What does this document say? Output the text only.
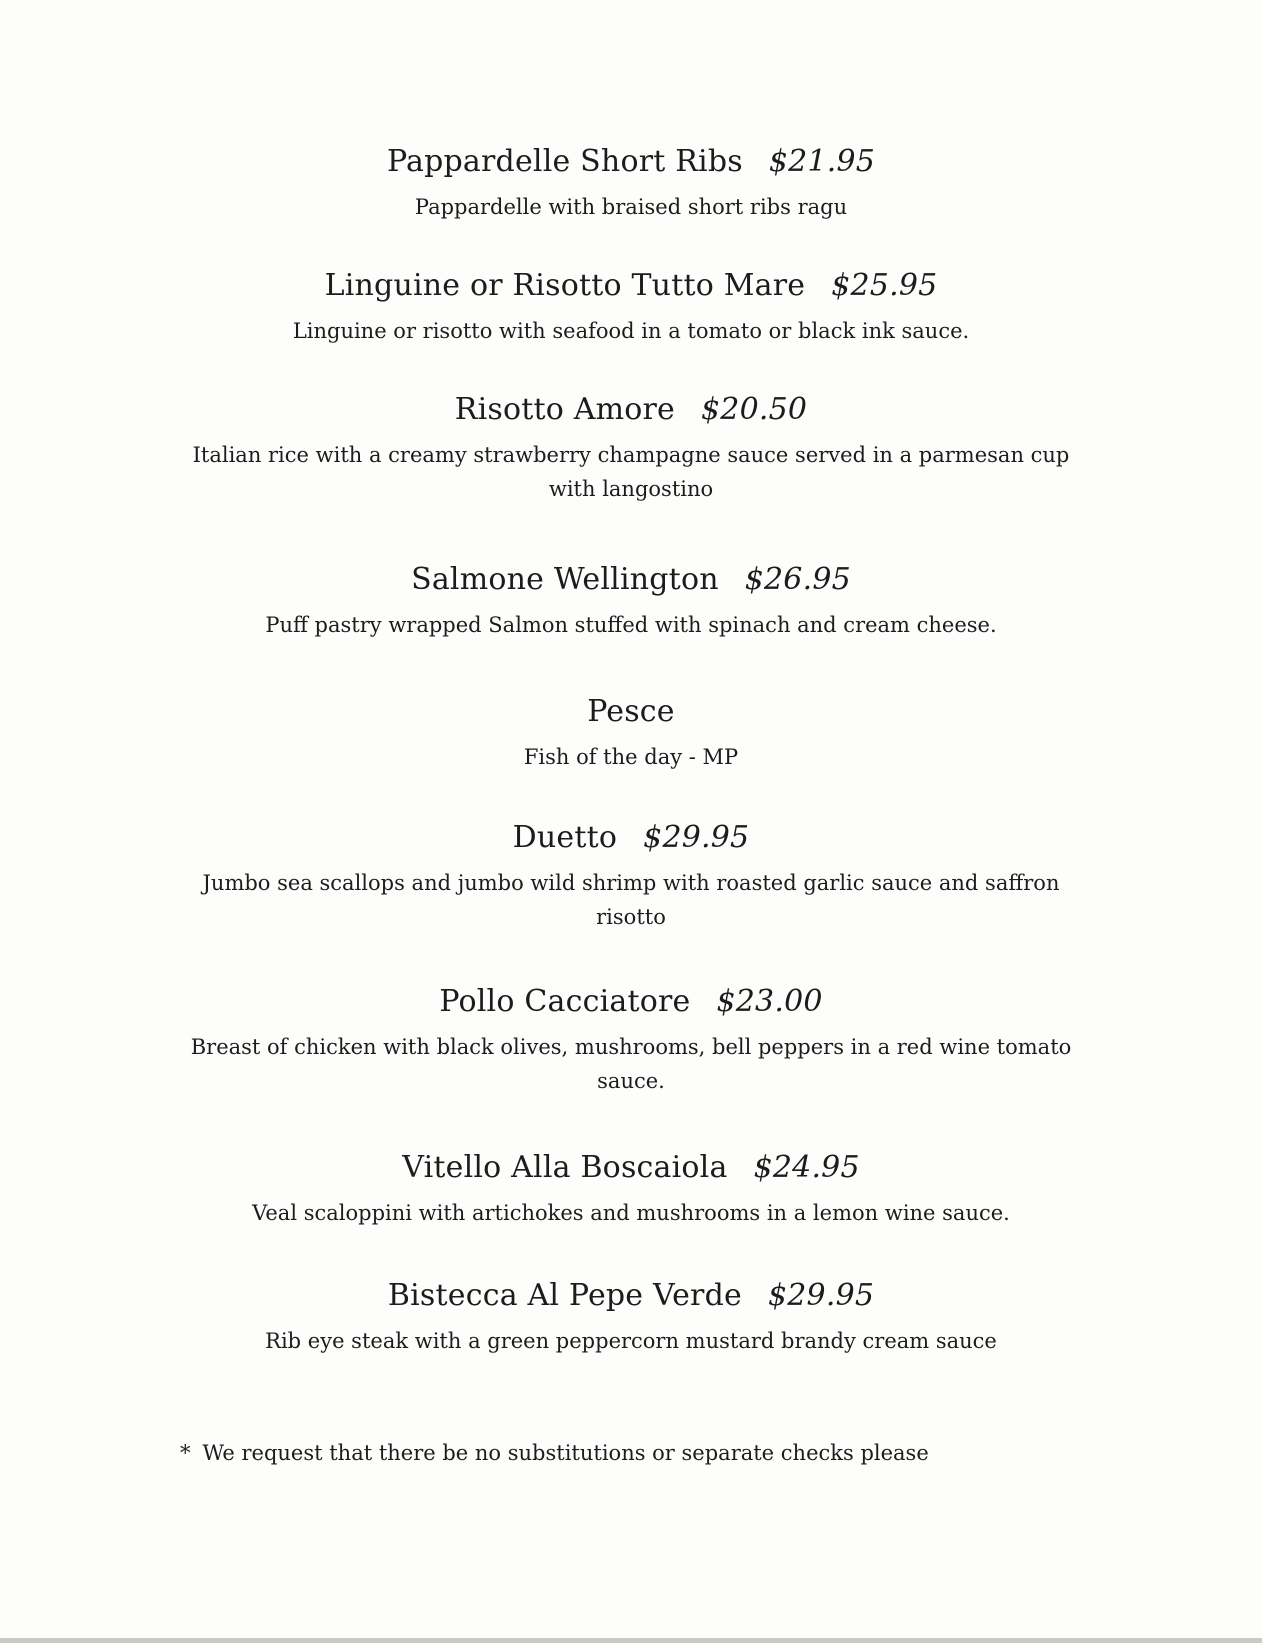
Pappardelle Short Ribs $21.95
Pappardelle with braised short ribs ragu
Linguine or Risotto Tutto Mare $25.95
Linguine or risotto with seafood in a tomato or black ink sauce.
Risotto Amore $20.50
Italian rice with a creamy strawberry champagne sauce served in a parmesan cup with langostino
Salmone Wellington $26.95
Puff pastry wrapped Salmon stuffed with spinach and cream cheese.
Pesce
Fish of the day - MP
Duetto $29.95
Jumbo sea scallops and jumbo wild shrimp with roasted garlic sauce and saffron risotto
Pollo Cacciatore $23.00
Breast of chicken with black olives, mushrooms, bell peppers in a red wine tomato sauce.
Vitello Alla Boscaiola $24.95
Veal scaloppini with artichokes and mushrooms in a lemon wine sauce.
Bistecca Al Pepe Verde $29.95
Rib eye steak with a green peppercorn mustard brandy cream sauce
* We request that there be no substitutions or separate checks please
